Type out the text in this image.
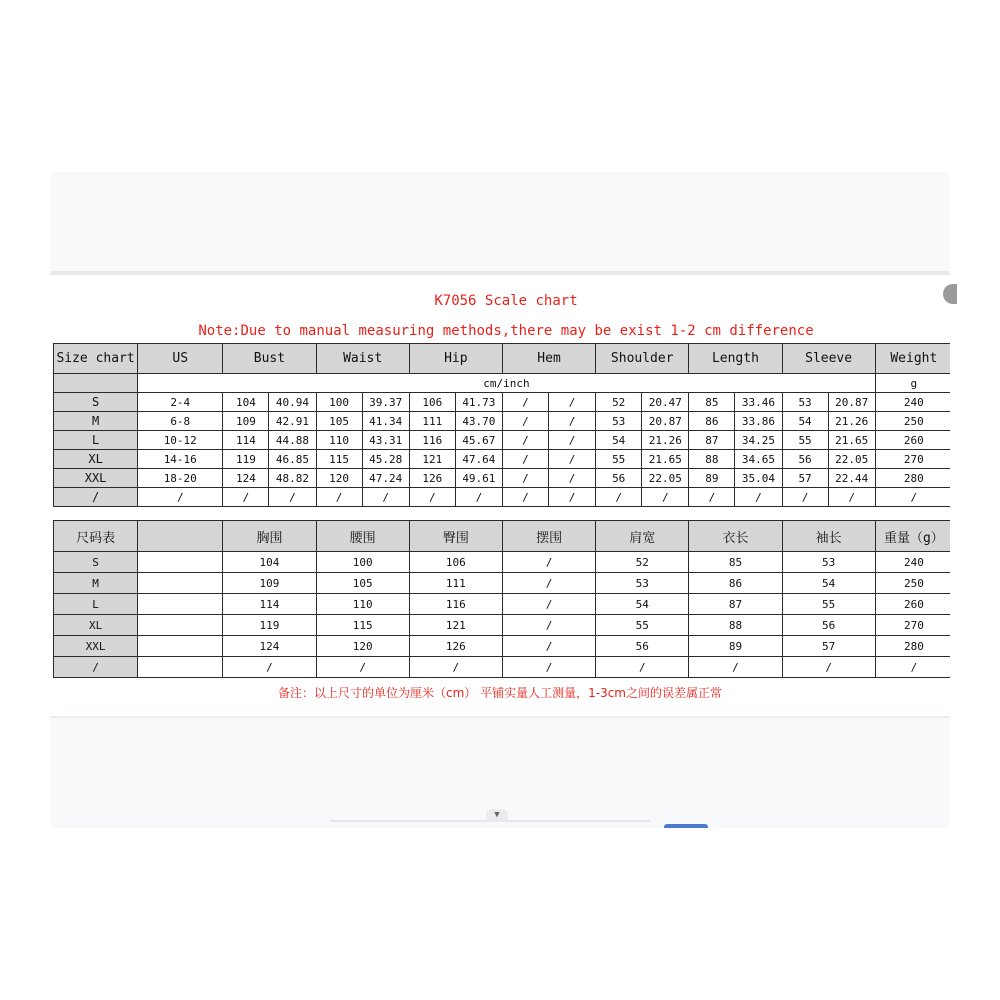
K7056 Scale chart
Note:Due to manual measuring methods,there may be exist 1-2 cm difference
Size chart	US	Bust		Waist		Hip		Hem		Shoulder		Length		Sleeve		Weight
	cm/inch															g
S	2-4	104	40.94	100	39.37	106	41.73	/	/	52	20.47	85	33.46	53	20.87	240
M	6-8	109	42.91	105	41.34	111	43.70	/	/	53	20.87	86	33.86	54	21.26	250
L	10-12	114	44.88	110	43.31	116	45.67	/	/	54	21.26	87	34.25	55	21.65	260
XL	14-16	119	46.85	115	45.28	121	47.64	/	/	55	21.65	88	34.65	56	22.05	270
XXL	18-20	124	48.82	120	47.24	126	49.61	/	/	56	22.05	89	35.04	57	22.44	280
/	/	/	/	/	/	/	/	/	/	/	/	/	/	/	/	/
尺码表		胸围	腰围	臀围	摆围	肩宽	衣长	袖长	重量（g）
S		104	100	106	/	52	85	53	240
M		109	105	111	/	53	86	54	250
L		114	110	116	/	54	87	55	260
XL		119	115	121	/	55	88	56	270
XXL		124	120	126	/	56	89	57	280
/		/	/	/	/	/	/	/	/
备注：以上尺寸的单位为厘米（cm） 平铺实量人工测量，1-3cm之间的误差属正常
▼
